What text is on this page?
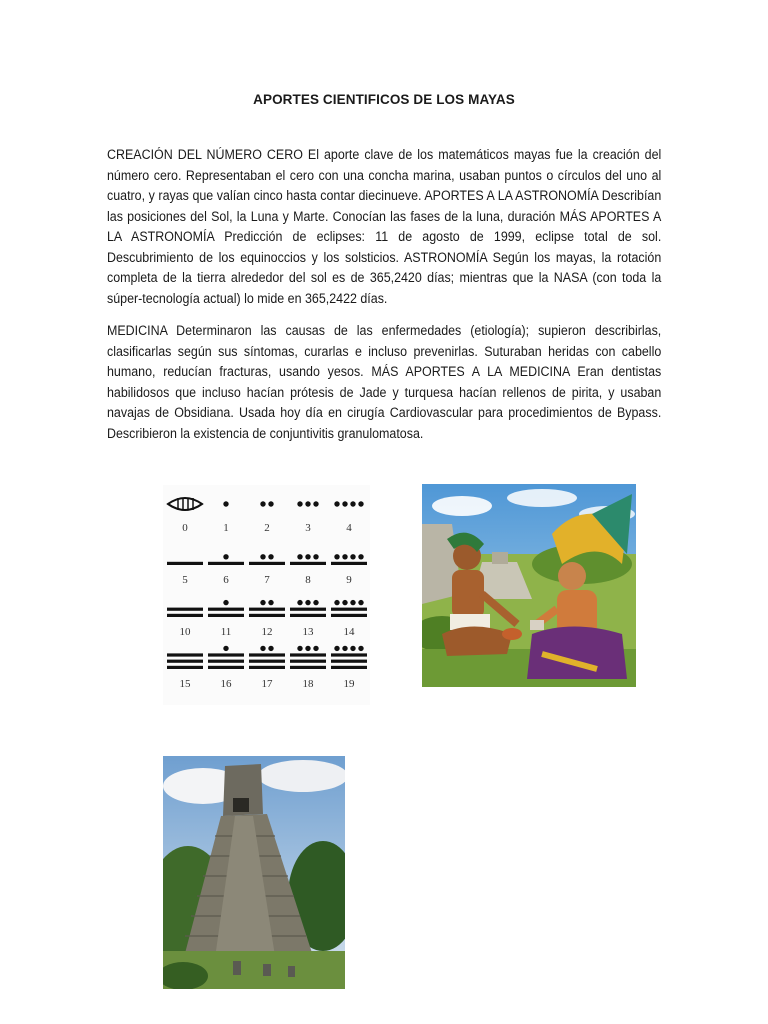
APORTES CIENTIFICOS DE LOS MAYAS
CREACIÓN DEL NÚMERO CERO El aporte clave de los matemáticos mayas fue la creación del número cero. Representaban el cero con una concha marina, usaban puntos o círculos del uno al cuatro, y rayas que valían cinco hasta contar diecinueve. APORTES A LA ASTRONOMÍA Describían las posiciones del Sol, la Luna y Marte. Conocían las fases de la luna, duración MÁS APORTES A LA ASTRONOMÍA Predicción de eclipses: 11 de agosto de 1999, eclipse total de sol. Descubrimiento de los equinoccios y los solsticios. ASTRONOMÍA Según los mayas, la rotación completa de la tierra alrededor del sol es de 365,2420 días; mientras que la NASA (con toda la súper-tecnología actual) lo mide en 365,2422 días.
MEDICINA Determinaron las causas de las enfermedades (etiología); supieron describirlas, clasificarlas según sus síntomas, curarlas e incluso prevenirlas. Suturaban heridas con cabello humano, reducían fracturas, usando yesos. MÁS APORTES A LA MEDICINA Eran dentistas habilidosos que incluso hacían prótesis de Jade y turquesa hacían rellenos de pirita, y usaban navajas de Obsidiana. Usada hoy día en cirugía Cardiovascular para procedimientos de Bypass. Describieron la existencia de conjuntivitis granulomatosa.
0	1	2	3	4
5	6	7	8	9
10	11	12	13	14
15	16	17	18	19
